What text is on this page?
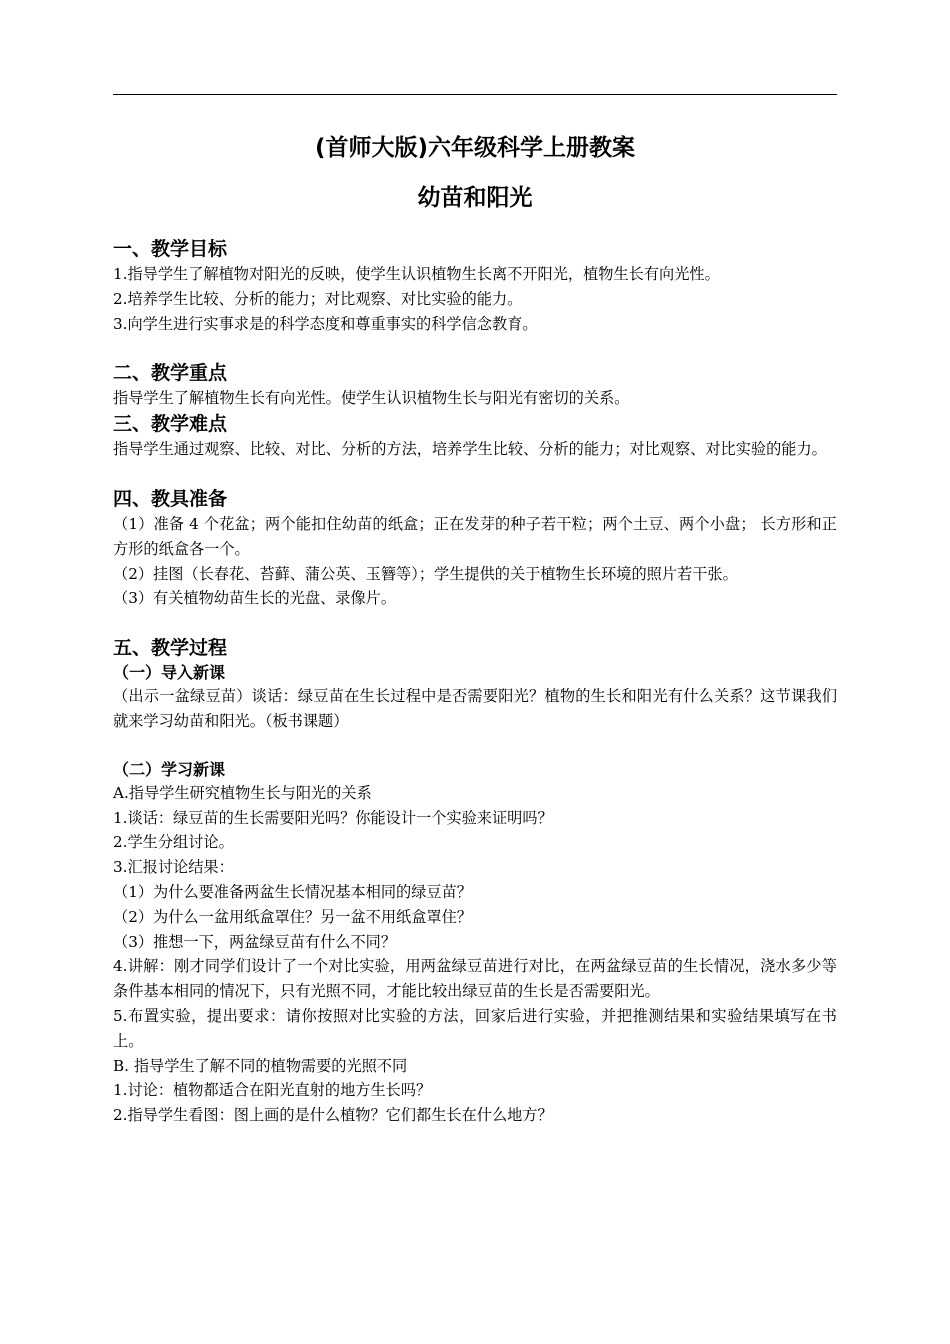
(首师大版)六年级科学上册教案
幼苗和阳光
一、教学目标
1.指导学生了解植物对阳光的反映，使学生认识植物生长离不开阳光，植物生长有向光性。
2.培养学生比较、分析的能力；对比观察、对比实验的能力。
3.向学生进行实事求是的科学态度和尊重事实的科学信念教育。
二、教学重点
指导学生了解植物生长有向光性。使学生认识植物生长与阳光有密切的关系。
三、教学难点
指导学生通过观察、比较、对比、分析的方法，培养学生比较、分析的能力；对比观察、对比实验的能力。
四、教具准备
（1）准备 4 个花盆；两个能扣住幼苗的纸盒；正在发芽的种子若干粒；两个土豆、两个小盘； 长方形和正方形的纸盒各一个。
（2）挂图（长春花、苔藓、蒲公英、玉簪等）；学生提供的关于植物生长环境的照片若干张。
（3）有关植物幼苗生长的光盘、录像片。
五、教学过程
（一）导入新课
（出示一盆绿豆苗）谈话：绿豆苗在生长过程中是否需要阳光？植物的生长和阳光有什么关系？这节课我们就来学习幼苗和阳光。（板书课题）
（二）学习新课
A.指导学生研究植物生长与阳光的关系
1.谈话：绿豆苗的生长需要阳光吗？你能设计一个实验来证明吗？
2.学生分组讨论。
3.汇报讨论结果：
（1）为什么要准备两盆生长情况基本相同的绿豆苗？
（2）为什么一盆用纸盒罩住？另一盆不用纸盒罩住？
（3）推想一下，两盆绿豆苗有什么不同？
4.讲解：刚才同学们设计了一个对比实验，用两盆绿豆苗进行对比，在两盆绿豆苗的生长情况，浇水多少等条件基本相同的情况下，只有光照不同，才能比较出绿豆苗的生长是否需要阳光。
5.布置实验，提出要求：请你按照对比实验的方法，回家后进行实验，并把推测结果和实验结果填写在书上。
B. 指导学生了解不同的植物需要的光照不同
1.讨论：植物都适合在阳光直射的地方生长吗？
2.指导学生看图：图上画的是什么植物？它们都生长在什么地方？
